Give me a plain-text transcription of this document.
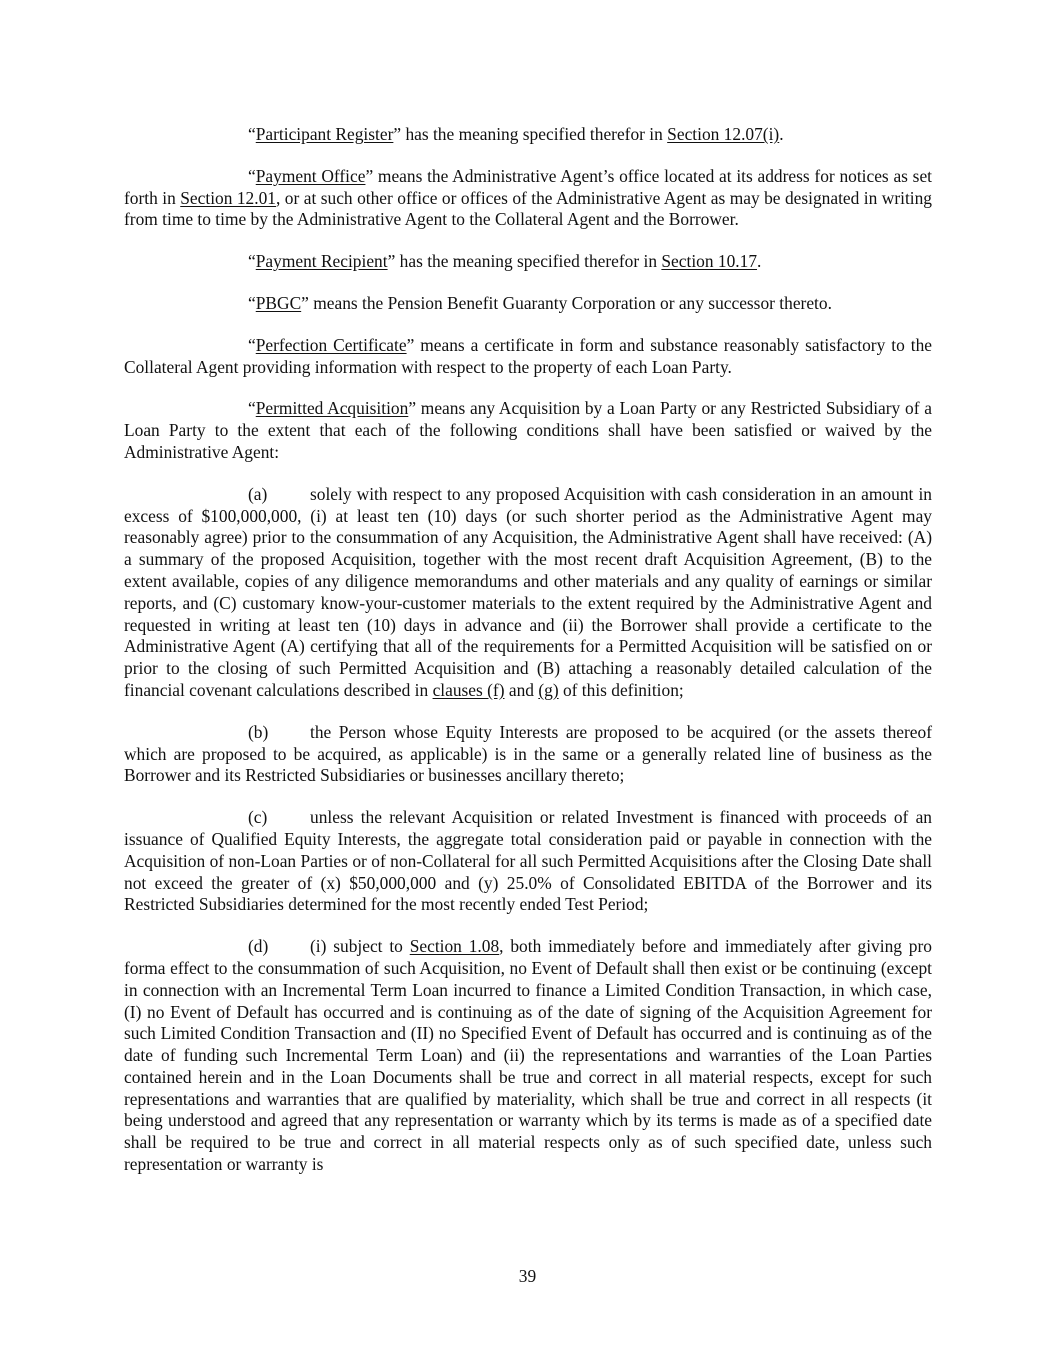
“Participant Register” has the meaning specified therefor in Section 12.07(i).

“Payment Office” means the Administrative Agent’s office located at its address for notices as set forth in Section 12.01, or at such other office or offices of the Administrative Agent as may be designated in writing from time to time by the Administrative Agent to the Collateral Agent and the Borrower.

“Payment Recipient” has the meaning specified therefor in Section 10.17.

“PBGC” means the Pension Benefit Guaranty Corporation or any successor thereto.

“Perfection Certificate” means a certificate in form and substance reasonably satisfactory to the Collateral Agent providing information with respect to the property of each Loan Party.

“Permitted Acquisition” means any Acquisition by a Loan Party or any Restricted Subsidiary of a Loan Party to the extent that each of the following conditions shall have been satisfied or waived by the Administrative Agent:

(a) solely with respect to any proposed Acquisition with cash consideration in an amount in excess of $100,000,000, (i) at least ten (10) days (or such shorter period as the Administrative Agent may reasonably agree) prior to the consummation of any Acquisition, the Administrative Agent shall have received: (A) a summary of the proposed Acquisition, together with the most recent draft Acquisition Agreement, (B) to the extent available, copies of any diligence memorandums and other materials and any quality of earnings or similar reports, and (C) customary know-your-customer materials to the extent required by the Administrative Agent and requested in writing at least ten (10) days in advance and (ii) the Borrower shall provide a certificate to the Administrative Agent (A) certifying that all of the requirements for a Permitted Acquisition will be satisfied on or prior to the closing of such Permitted Acquisition and (B) attaching a reasonably detailed calculation of the financial covenant calculations described in clauses (f) and (g) of this definition;

(b) the Person whose Equity Interests are proposed to be acquired (or the assets thereof which are proposed to be acquired, as applicable) is in the same or a generally related line of business as the Borrower and its Restricted Subsidiaries or businesses ancillary thereto;

(c) unless the relevant Acquisition or related Investment is financed with proceeds of an issuance of Qualified Equity Interests, the aggregate total consideration paid or payable in connection with the Acquisition of non-Loan Parties or of non-Collateral for all such Permitted Acquisitions after the Closing Date shall not exceed the greater of (x) $50,000,000 and (y) 25.0% of Consolidated EBITDA of the Borrower and its Restricted Subsidiaries determined for the most recently ended Test Period;

(d) (i) subject to Section 1.08, both immediately before and immediately after giving pro forma effect to the consummation of such Acquisition, no Event of Default shall then exist or be continuing (except in connection with an Incremental Term Loan incurred to finance a Limited Condition Transaction, in which case, (I) no Event of Default has occurred and is continuing as of the date of signing of the Acquisition Agreement for such Limited Condition Transaction and (II) no Specified Event of Default has occurred and is continuing as of the date of funding such Incremental Term Loan) and (ii) the representations and warranties of the Loan Parties contained herein and in the Loan Documents shall be true and correct in all material respects, except for such representations and warranties that are qualified by materiality, which shall be true and correct in all respects (it being understood and agreed that any representation or warranty which by its terms is made as of a specified date shall be required to be true and correct in all material respects only as of such specified date, unless such representation or warranty is

39
